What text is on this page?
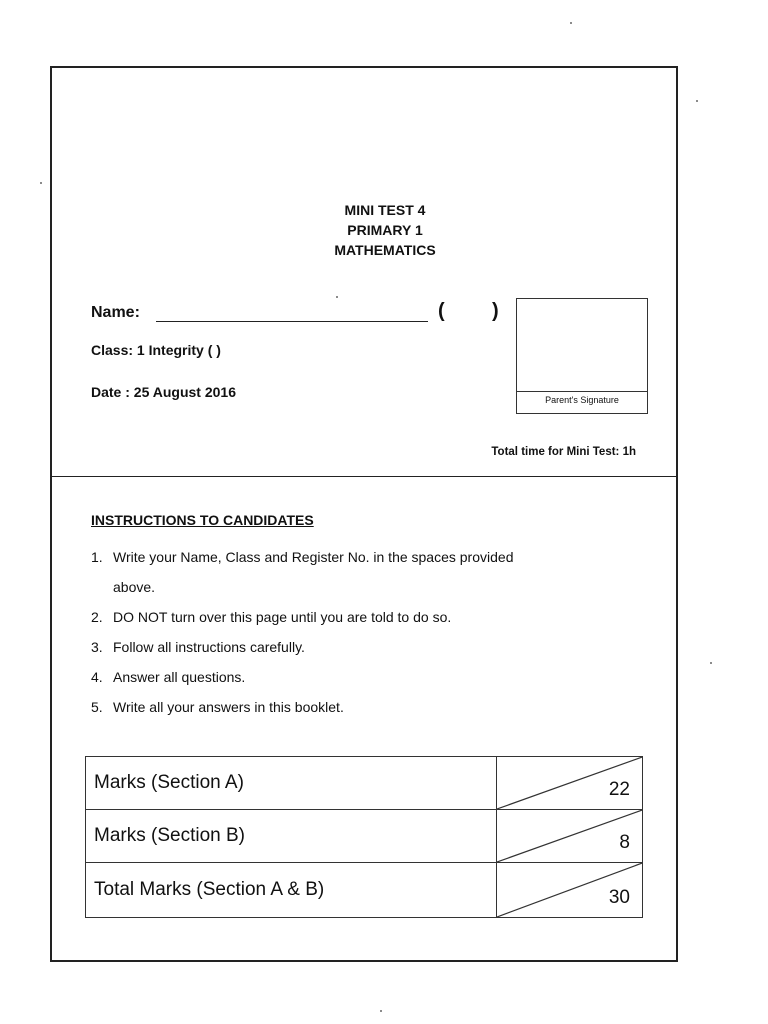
MINI TEST 4
PRIMARY 1
MATHEMATICS
Name:	( )
Class: 1 Integrity ( )
Date : 25 August 2016	Parent's Signature
Total time for Mini Test: 1h
INSTRUCTIONS TO CANDIDATES
1. Write your Name, Class and Register No. in the spaces provided
above.
2. DO NOT turn over this page until you are told to do so.
3. Follow all instructions carefully.
4. Answer all questions.
5. Write all your answers in this booklet.
Marks (Section A)	22

Marks (Section B)	8

Total Marks (Section A & B)	30
